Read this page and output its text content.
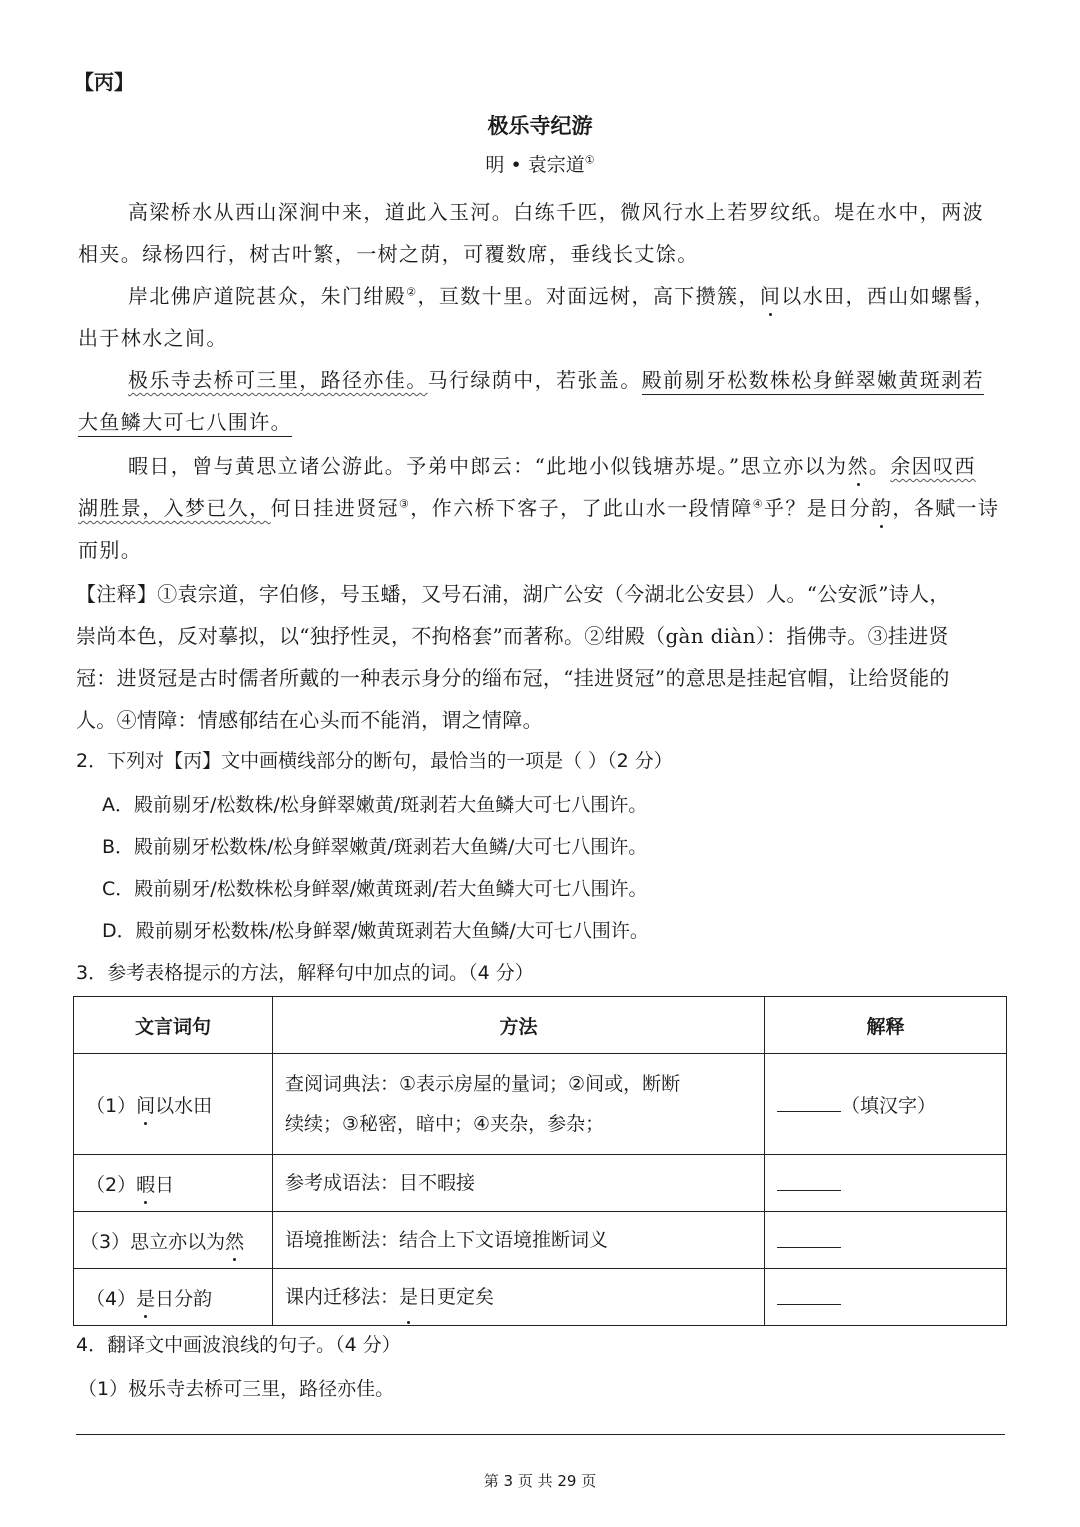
【丙】
极乐寺纪游
明 • 袁宗道①
高梁桥水从西山深涧中来，道此入玉河。白练千匹，微风行水上若罗纹纸。堤在水中，两波
相夹。绿杨四行，树古叶繁，一树之荫，可覆数席，垂线长丈馀。
岸北佛庐道院甚众，朱门绀殿②，亘数十里。对面远树，高下攒簇，间以水田，西山如螺髻，
出于林水之间。
极乐寺去桥可三里，路径亦佳。马行绿荫中，若张盖。殿前剔牙松数株松身鲜翠嫩黄斑剥若
大鱼鳞大可七八围许。
暇日，曾与黄思立诸公游此。予弟中郎云：“此地小似钱塘苏堤。”思立亦以为然。余因叹西
湖胜景，入梦已久，何日挂进贤冠③，作六桥下客子，了此山水一段情障④乎？是日分韵，各赋一诗
而别。
【注释】①袁宗道，字伯修，号玉蟠，又号石浦，湖广公安（今湖北公安县）人。“公安派”诗人，
崇尚本色，反对摹拟，以“独抒性灵，不拘格套”而著称。②绀殿（gàn diàn）：指佛寺。③挂进贤
冠：进贤冠是古时儒者所戴的一种表示身分的缁布冠，“挂进贤冠”的意思是挂起官帽，让给贤能的
人。④情障：情感郁结在心头而不能消，谓之情障。
2．下列对【丙】文中画横线部分的断句，最恰当的一项是（ ）（2 分）
A．殿前剔牙/松数株/松身鲜翠嫩黄/斑剥若大鱼鳞大可七八围许。
B．殿前剔牙松数株/松身鲜翠嫩黄/斑剥若大鱼鳞/大可七八围许。
C．殿前剔牙/松数株松身鲜翠/嫩黄斑剥/若大鱼鳞大可七八围许。
D．殿前剔牙松数株/松身鲜翠/嫩黄斑剥若大鱼鳞/大可七八围许。
3．参考表格提示的方法，解释句中加点的词。（4 分）
文言词句	方法	解释
（1）间以水田	查阅词典法：①表示房屋的量词；②间或，断断
续续；③秘密，暗中；④夹杂，参杂；	（填汉字）
（2）暇日	参考成语法：目不暇接	
（3）思立亦以为然	语境推断法：结合上下文语境推断词义	
（4）是日分韵	课内迁移法：是日更定矣	
4．翻译文中画波浪线的句子。（4 分）
（1）极乐寺去桥可三里，路径亦佳。
第 3 页 共 29 页
